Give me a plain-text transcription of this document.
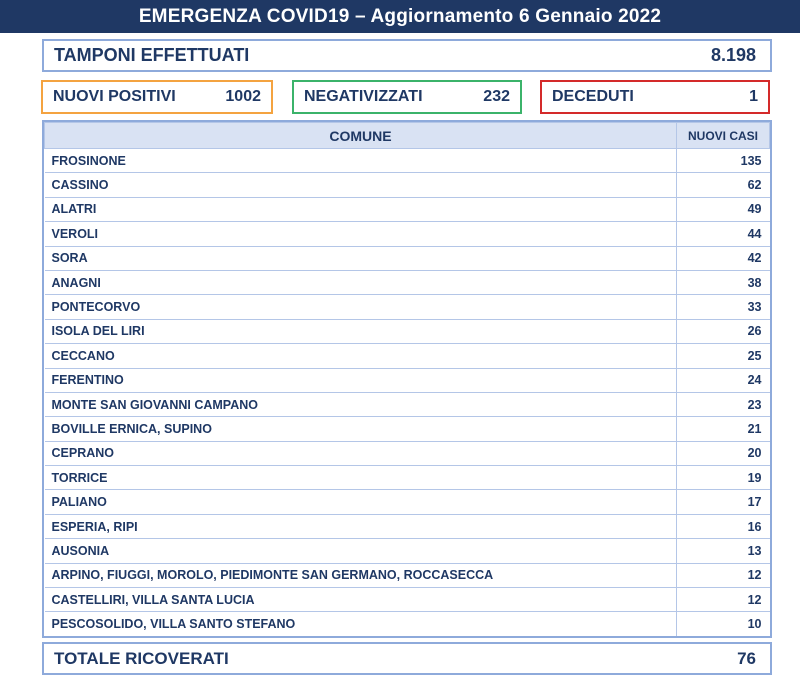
EMERGENZA COVID19 – Aggiornamento 6 Gennaio 2022
TAMPONI EFFETTUATI	8.198
NUOVI POSITIVI	1002	NEGATIVIZZATI	232	DECEDUTI	1
COMUNE	NUOVI CASI
FROSINONE	135
CASSINO	62
ALATRI	49
VEROLI	44
SORA	42
ANAGNI	38
PONTECORVO	33
ISOLA DEL LIRI	26
CECCANO	25
FERENTINO	24
MONTE SAN GIOVANNI CAMPANO	23
BOVILLE ERNICA, SUPINO	21
CEPRANO	20
TORRICE	19
PALIANO	17
ESPERIA, RIPI	16
AUSONIA	13
ARPINO, FIUGGI, MOROLO, PIEDIMONTE SAN GERMANO, ROCCASECCA	12
CASTELLIRI, VILLA SANTA LUCIA	12
PESCOSOLIDO, VILLA SANTO STEFANO	10
TOTALE RICOVERATI	76
